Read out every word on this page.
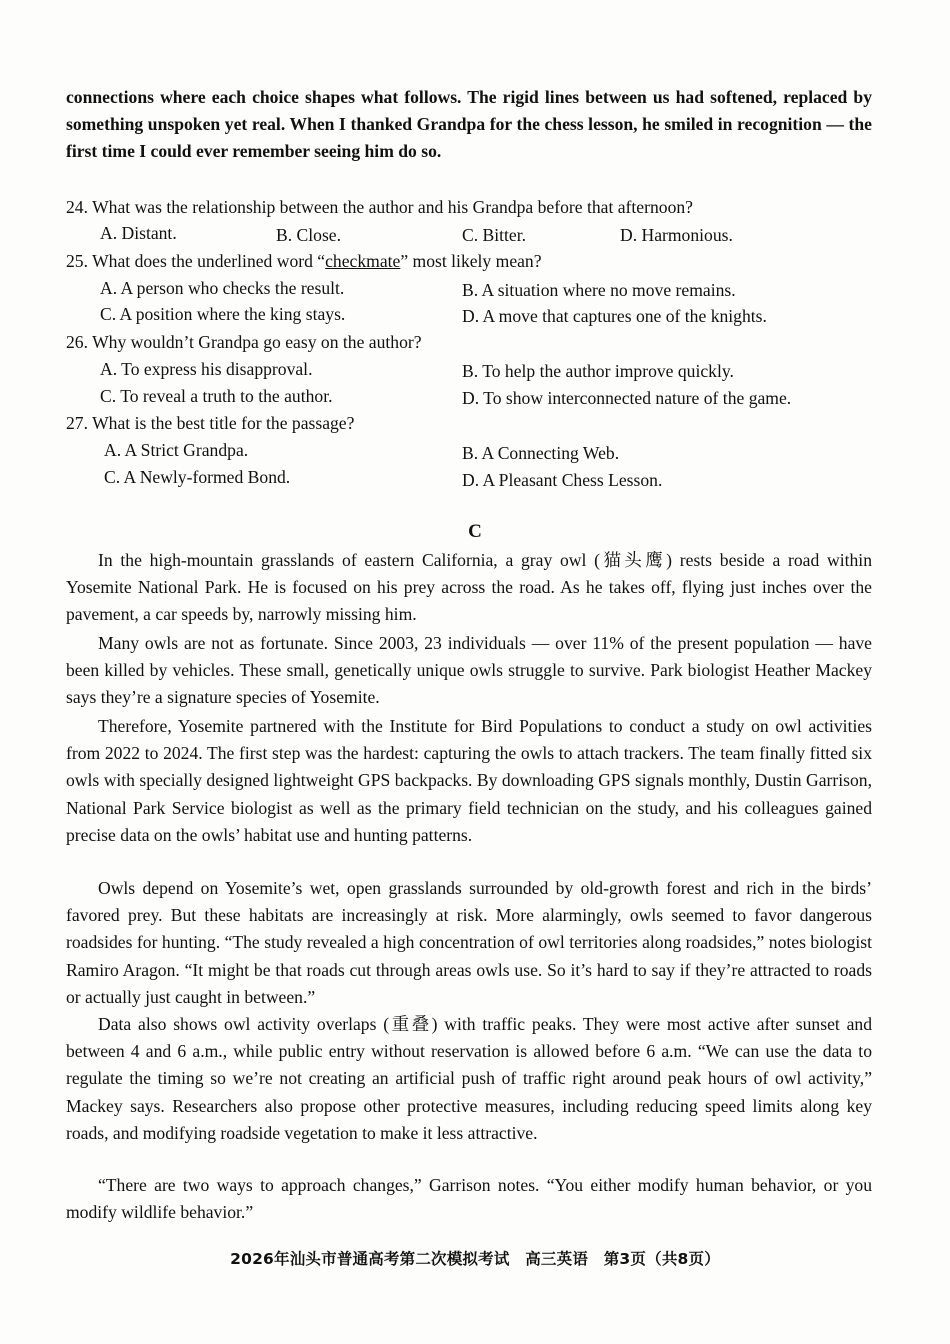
connections where each choice shapes what follows. The rigid lines between us had softened, replaced by something unspoken yet real. When I thanked Grandpa for the chess lesson, he smiled in recognition — the first time I could ever remember seeing him do so.

24. What was the relationship between the author and his Grandpa before that afternoon?
A. Distant.	B. Close.	C. Bitter.	D. Harmonious.
25. What does the underlined word “checkmate” most likely mean?
A. A person who checks the result.	B. A situation where no move remains.
C. A position where the king stays.	D. A move that captures one of the knights.
26. Why wouldn’t Grandpa go easy on the author?
A. To express his disapproval.	B. To help the author improve quickly.
C. To reveal a truth to the author.	D. To show interconnected nature of the game.
27. What is the best title for the passage?
A. A Strict Grandpa.	B. A Connecting Web.
C. A Newly-formed Bond.	D. A Pleasant Chess Lesson.
C

In the high-mountain grasslands of eastern California, a gray owl (猫头鹰) rests beside a road within Yosemite National Park. He is focused on his prey across the road. As he takes off, flying just inches over the pavement, a car speeds by, narrowly missing him.

Many owls are not as fortunate. Since 2003, 23 individuals — over 11% of the present population — have been killed by vehicles. These small, genetically unique owls struggle to survive. Park biologist Heather Mackey says they’re a signature species of Yosemite.

Therefore, Yosemite partnered with the Institute for Bird Populations to conduct a study on owl activities from 2022 to 2024. The first step was the hardest: capturing the owls to attach trackers. The team finally fitted six owls with specially designed lightweight GPS backpacks. By downloading GPS signals monthly, Dustin Garrison, National Park Service biologist as well as the primary field technician on the study, and his colleagues gained precise data on the owls’ habitat use and hunting patterns.

Owls depend on Yosemite’s wet, open grasslands surrounded by old-growth forest and rich in the birds’ favored prey. But these habitats are increasingly at risk. More alarmingly, owls seemed to favor dangerous roadsides for hunting. “The study revealed a high concentration of owl territories along roadsides,” notes biologist Ramiro Aragon. “It might be that roads cut through areas owls use. So it’s hard to say if they’re attracted to roads or actually just caught in between.”

Data also shows owl activity overlaps (重叠) with traffic peaks. They were most active after sunset and between 4 and 6 a.m., while public entry without reservation is allowed before 6 a.m. “We can use the data to regulate the timing so we’re not creating an artificial push of traffic right around peak hours of owl activity,” Mackey says. Researchers also propose other protective measures, including reducing speed limits along key roads, and modifying roadside vegetation to make it less attractive.

“There are two ways to approach changes,” Garrison notes. “You either modify human behavior, or you modify wildlife behavior.”

2026年汕头市普通高考第二次模拟考试　高三英语　第3页（共8页）
